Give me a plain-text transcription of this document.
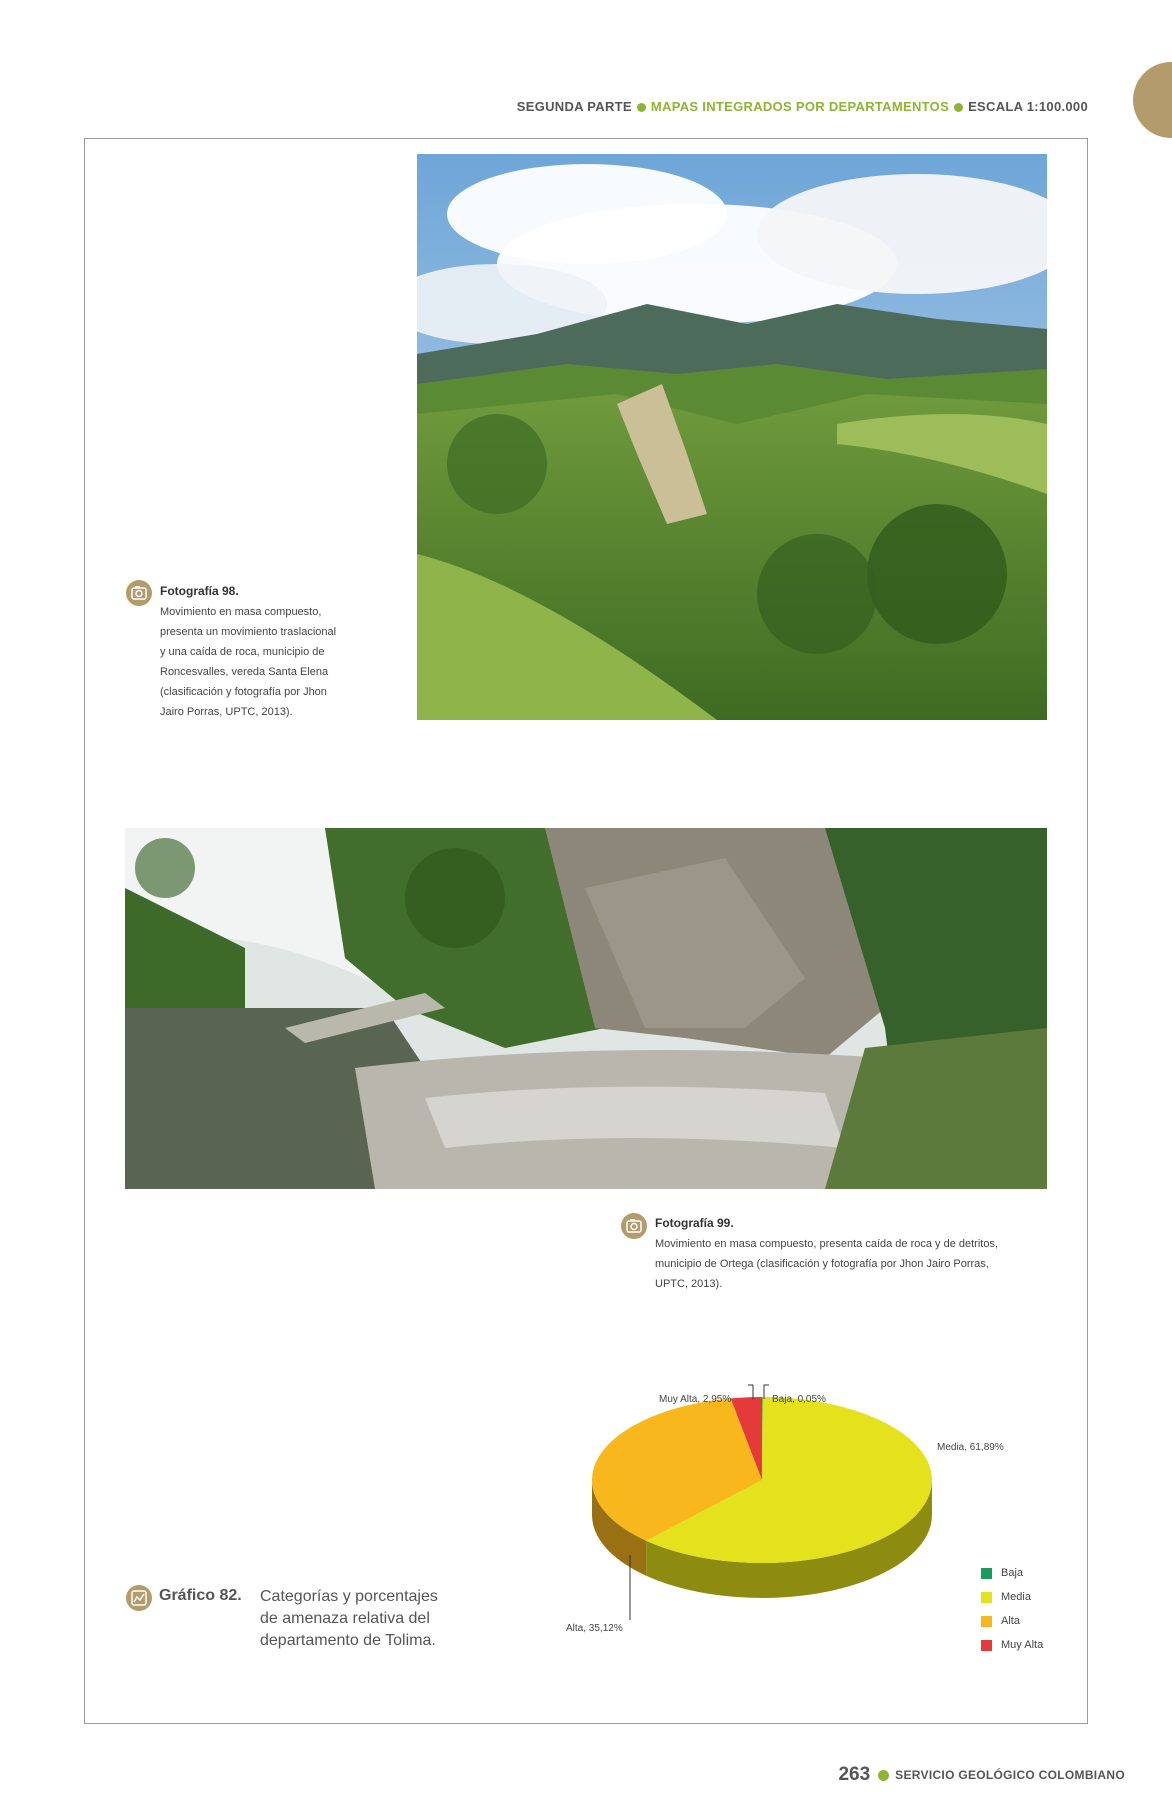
SEGUNDA PARTE MAPAS INTEGRADOS POR DEPARTAMENTOS ESCALA 1:100.000
Fotografía 98.
Movimiento en masa compuesto,
presenta un movimiento traslacional
y una caída de roca, municipio de
Roncesvalles, vereda Santa Elena
(clasificación y fotografía por Jhon
Jairo Porras, UPTC, 2013).
Fotografía 99.
Movimiento en masa compuesto, presenta caída de roca y de detritos,
municipio de Ortega (clasificación y fotografía por Jhon Jairo Porras,
UPTC, 2013).
Gráfico 82. Categorías y porcentajes
de amenaza relativa del
departamento de Tolima.
Muy Alta, 2,95%	Baja, 0,05%
Media, 61,89%
Alta, 35,12%
Baja
Media
Alta
Muy Alta
263 SERVICIO GEOLÓGICO COLOMBIANO
